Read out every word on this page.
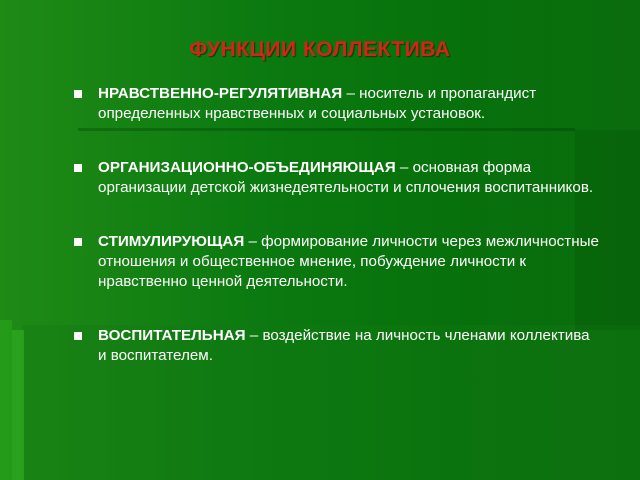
ФУНКЦИИ КОЛЛЕКТИВА
НРАВСТВЕННО-РЕГУЛЯТИВНАЯ – носитель и пропагандист определенных нравственных и социальных установок.
ОРГАНИЗАЦИОННО-ОБЪЕДИНЯЮЩАЯ – основная форма организации детской жизнедеятельности и сплочения воспитанников.
СТИМУЛИРУЮЩАЯ – формирование личности через межличностные отношения и общественное мнение, побуждение личности к нравственно ценной деятельности.
ВОСПИТАТЕЛЬНАЯ – воздействие на личность членами коллектива и воспитателем.
